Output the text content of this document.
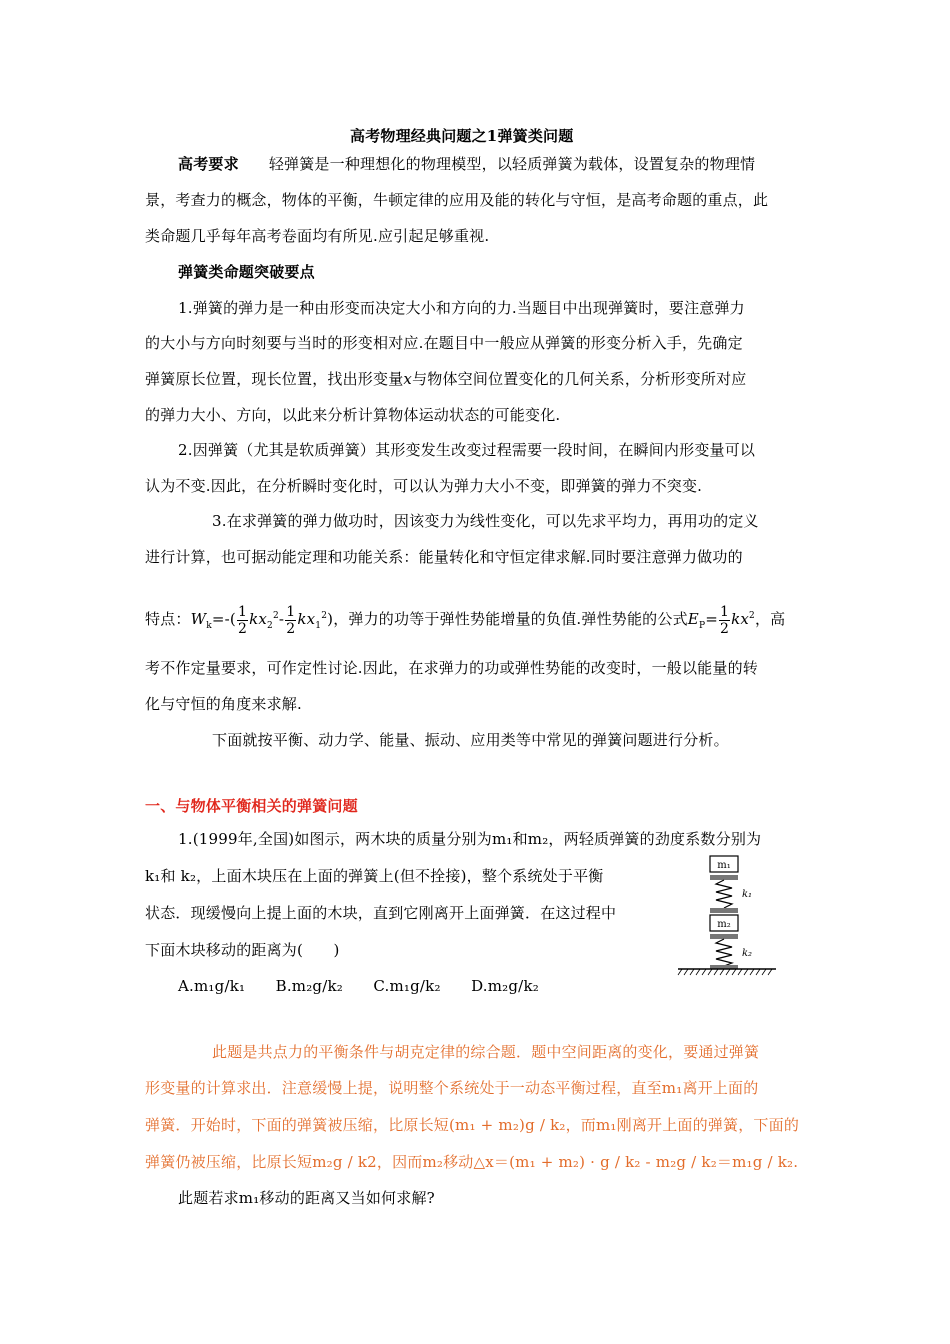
高考物理经典问题之1弹簧类问题
高考要求 轻弹簧是一种理想化的物理模型，以轻质弹簧为载体，设置复杂的物理情
景，考查力的概念，物体的平衡，牛顿定律的应用及能的转化与守恒，是高考命题的重点，此
类命题几乎每年高考卷面均有所见.应引起足够重视.
弹簧类命题突破要点
1.弹簧的弹力是一种由形变而决定大小和方向的力.当题目中出现弹簧时，要注意弹力
的大小与方向时刻要与当时的形变相对应.在题目中一般应从弹簧的形变分析入手，先确定
弹簧原长位置，现长位置，找出形变量x与物体空间位置变化的几何关系，分析形变所对应
的弹力大小、方向，以此来分析计算物体运动状态的可能变化.
2.因弹簧（尤其是软质弹簧）其形变发生改变过程需要一段时间，在瞬间内形变量可以
认为不变.因此，在分析瞬时变化时，可以认为弹力大小不变，即弹簧的弹力不突变.
3.在求弹簧的弹力做功时，因该变力为线性变化，可以先求平均力，再用功的定义
进行计算，也可据动能定理和功能关系：能量转化和守恒定律求解.同时要注意弹力做功的
特点：$W_k=-( \frac{1}{2} kx_2^2- \frac{1}{2} kx_1^2)$，弹力的功等于弹性势能增量的负值.弹性势能的公式$E_P= \frac{1}{2} kx^2$，高
考不作定量要求，可作定性讨论.因此，在求弹力的功或弹性势能的改变时，一般以能量的转
化与守恒的角度来求解.
下面就按平衡、动力学、能量、振动、应用类等中常见的弹簧问题进行分析。
一、与物体平衡相关的弹簧问题
1.(1999年,全国)如图示，两木块的质量分别为m₁和m₂，两轻质弹簧的劲度系数分别为
k₁和 k₂，上面木块压在上面的弹簧上(但不拴接)，整个系统处于平衡
状态．现缓慢向上提上面的木块，直到它刚离开上面弹簧．在这过程中
下面木块移动的距离为(　　)
A.m₁g/k₁　　B.m₂g/k₂　　C.m₁g/k₂　　D.m₂g/k₂
m₁
k₁
m₂
k₂
此题是共点力的平衡条件与胡克定律的综合题．题中空间距离的变化，要通过弹簧
形变量的计算求出．注意缓慢上提，说明整个系统处于一动态平衡过程，直至m₁离开上面的
弹簧．开始时，下面的弹簧被压缩，比原长短(m₁ + m₂)g / k₂，而m₁刚离开上面的弹簧，下面的
弹簧仍被压缩，比原长短m₂g / k2，因而m₂移动△x＝(m₁ + m₂) · g / k₂ - m₂g / k₂＝m₁g / k₂.
此题若求m₁移动的距离又当如何求解?
